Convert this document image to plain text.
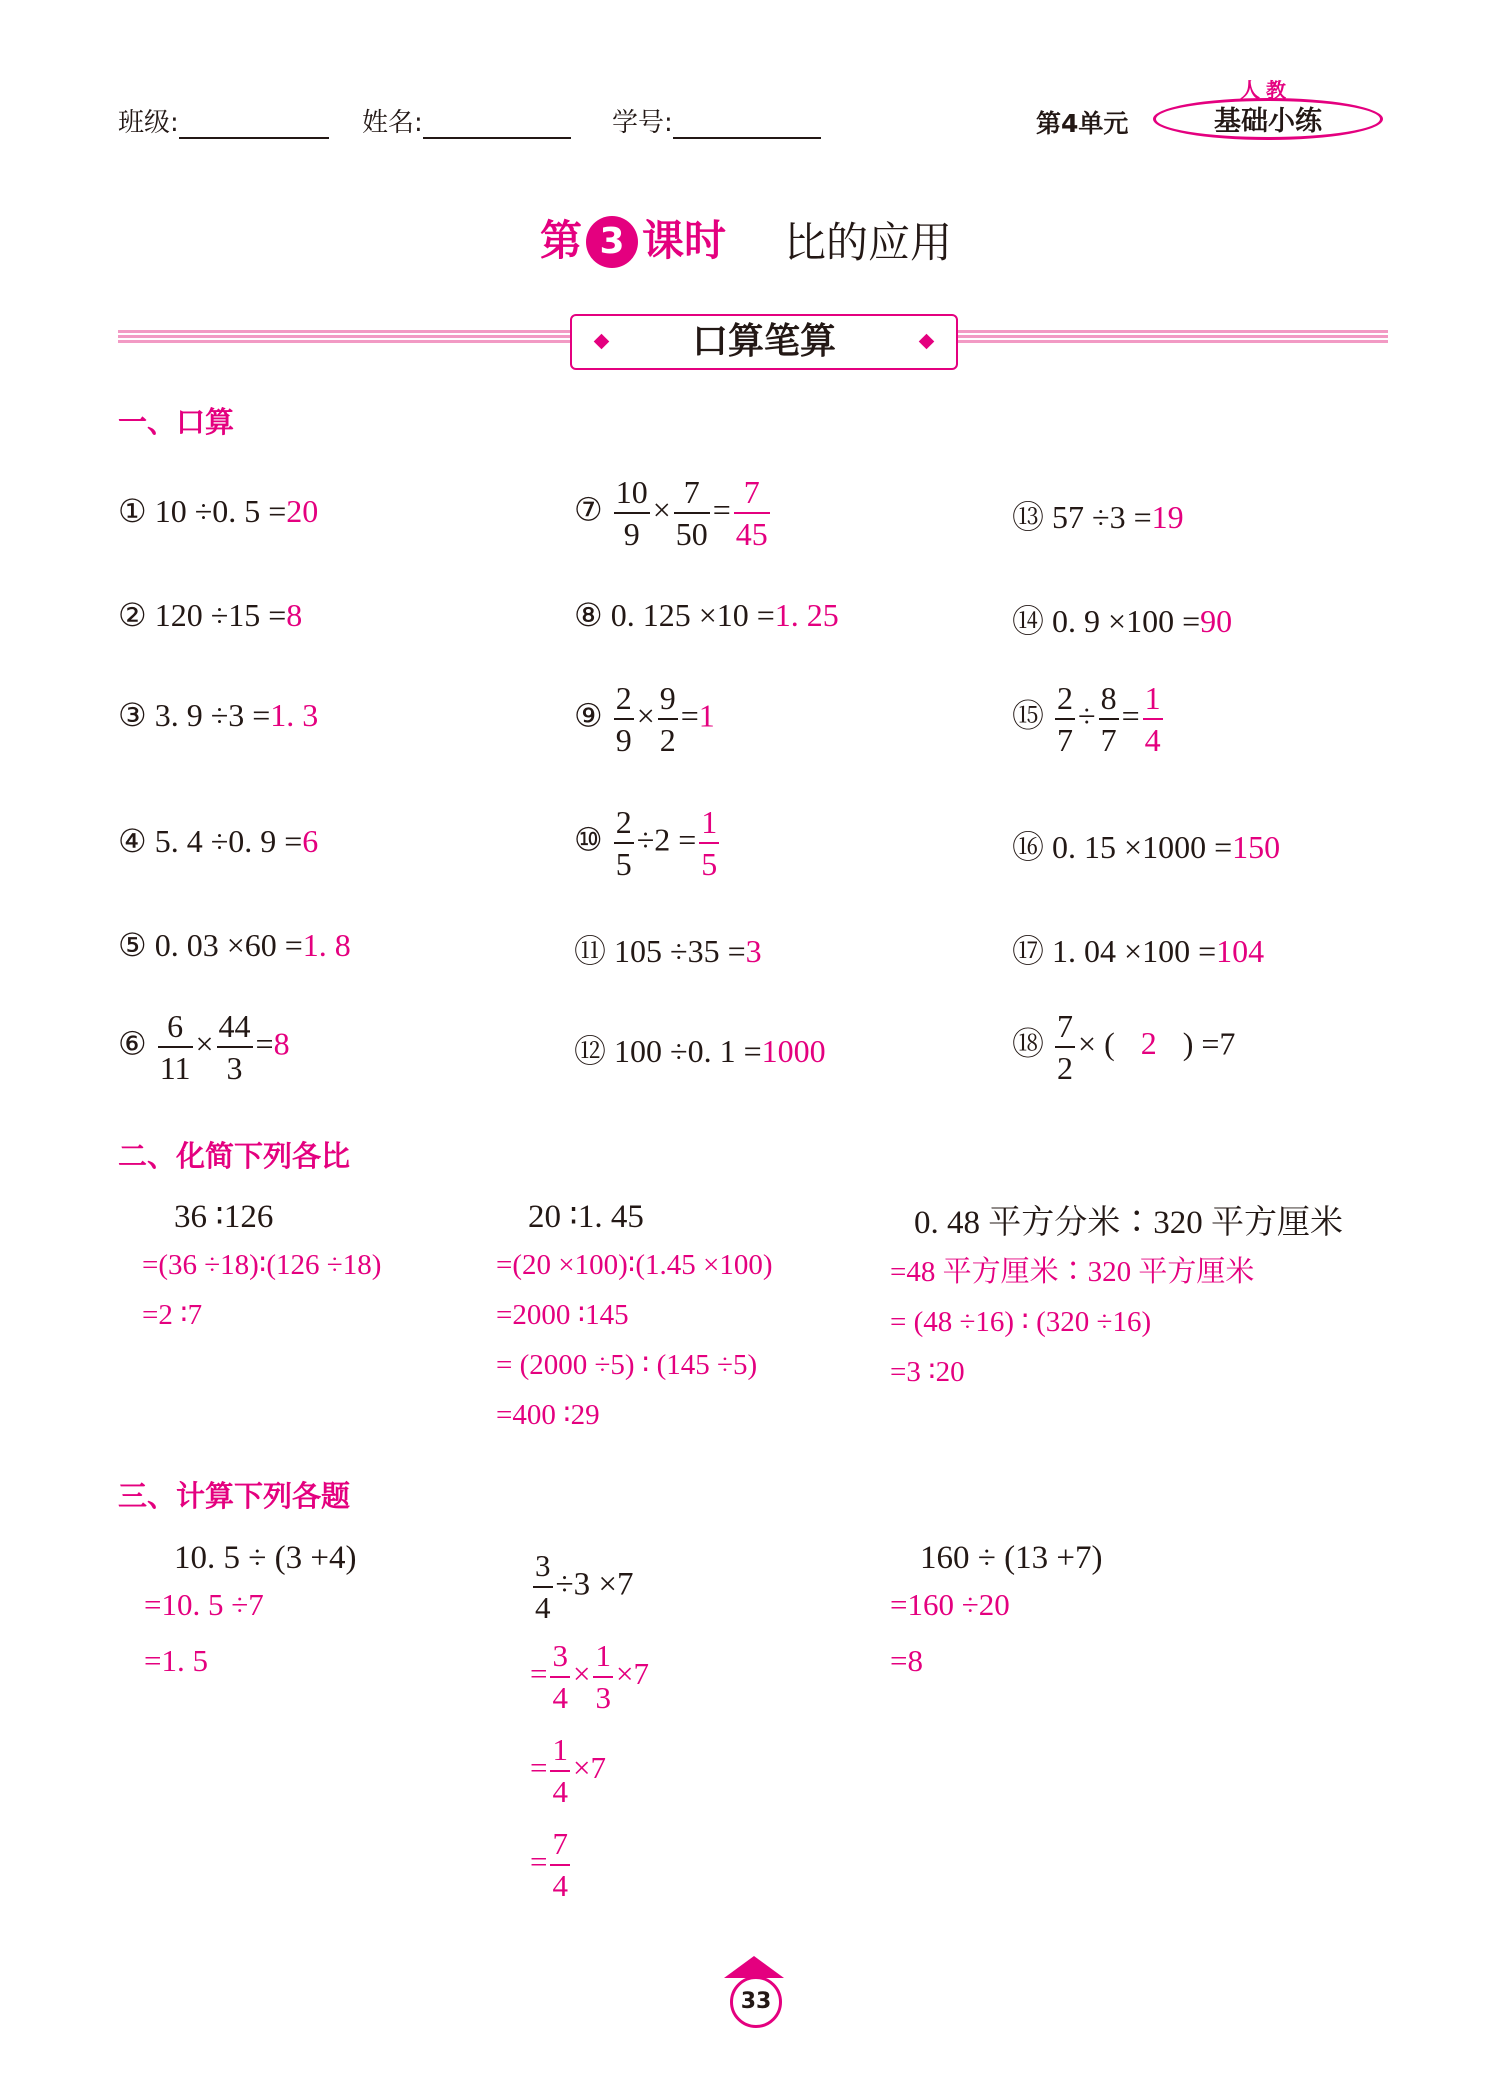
班级:	姓名:	学号:	第4单元
人教
基础小练
第 3 课时 比的应用
口算笔算
一、口算
① 10 ÷0. 5 =20
② 120 ÷15 =8
③ 3. 9 ÷3 =1. 3
④ 5. 4 ÷0. 9 =6
⑤ 0. 03 ×60 =1. 8
⑥ $\frac{6}{11} \times \frac{44}{3} =8$
⑦ $\frac{10}{9} \times \frac{7}{50} = \frac{7}{45}$
⑧ 0. 125 ×10 =1. 25
⑨ $\frac{2}{9} \times \frac{9}{2} =1$
⑩ $\frac{2}{5} \div 2 = \frac{1}{5}$
⑪ 105 ÷35 =3
⑫ 100 ÷0. 1 =1000
⑬ 57 ÷3 =19
⑭ 0. 9 ×100 =90
⑮ $\frac{2}{7} \div \frac{8}{7} = \frac{1}{4}$
⑯ 0. 15 ×1000 =150
⑰ 1. 04 ×100 =104
⑱ $\frac{7}{2}$ × ( 2 ) =7
二、化简下列各比
36 ∶126
=(36 ÷18)∶(126 ÷18)
=2 ∶7
20 ∶1. 45
=(20 ×100)∶(1.45 ×100)
=2000 ∶145
= (2000 ÷5) ∶ (145 ÷5)
=400 ∶29
0. 48 平方分米∶320 平方厘米
=48 平方厘米∶320 平方厘米
= (48 ÷16) ∶ (320 ÷16)
=3 ∶20
三、计算下列各题
10. 5 ÷ (3 +4)
=10. 5 ÷7
=1. 5
$\frac{3}{4} \div 3 \times 7$
= $\frac{3}{4} \times \frac{1}{3} \times 7$
= $\frac{1}{4} \times 7$
= $\frac{7}{4}$
160 ÷ (13 +7)
=160 ÷20
=8
33
